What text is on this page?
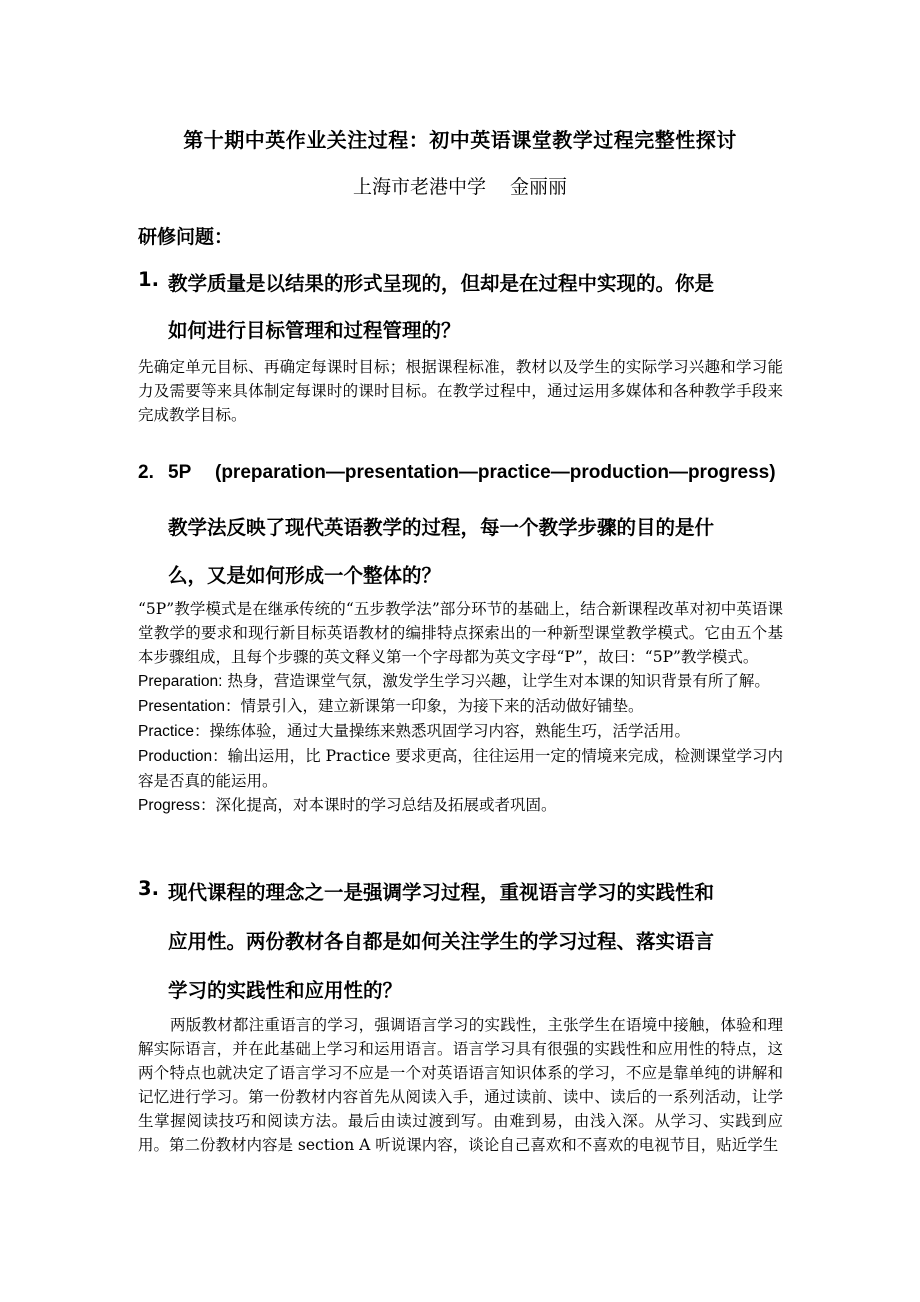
第十期中英作业关注过程：初中英语课堂教学过程完整性探讨
上海市老港中学 金丽丽
研修问题：
1. 教学质量是以结果的形式呈现的，但却是在过程中实现的。你是
如何进行目标管理和过程管理的？

先确定单元目标、再确定每课时目标；根据课程标准，教材以及学生的实际学习兴趣和学习能力及需要等来具体制定每课时的课时目标。在教学过程中，通过运用多媒体和各种教学手段来完成教学目标。

2. 5P (preparation—presentation—practice—production—progress)
教学法反映了现代英语教学的过程，每一个教学步骤的目的是什
么，又是如何形成一个整体的？

“5P”教学模式是在继承传统的“五步教学法”部分环节的基础上，结合新课程改革对初中英语课堂教学的要求和现行新目标英语教材的编排特点探索出的一种新型课堂教学模式。它由五个基本步骤组成，且每个步骤的英文释义第一个字母都为英文字母“P”，故曰：“5P”教学模式。

Preparation: 热身，营造课堂气氛，激发学生学习兴趣，让学生对本课的知识背景有所了解。

Presentation：情景引入，建立新课第一印象，为接下来的活动做好铺垫。

Practice：操练体验，通过大量操练来熟悉巩固学习内容，熟能生巧，活学活用。

Production：输出运用，比 Practice 要求更高，往往运用一定的情境来完成，检测课堂学习内容是否真的能运用。

Progress：深化提高，对本课时的学习总结及拓展或者巩固。

3. 现代课程的理念之一是强调学习过程，重视语言学习的实践性和
应用性。两份教材各自都是如何关注学生的学习过程、落实语言
学习的实践性和应用性的？

两版教材都注重语言的学习，强调语言学习的实践性，主张学生在语境中接触，体验和理解实际语言，并在此基础上学习和运用语言。语言学习具有很强的实践性和应用性的特点，这两个特点也就决定了语言学习不应是一个对英语语言知识体系的学习，不应是靠单纯的讲解和记忆进行学习。第一份教材内容首先从阅读入手，通过读前、读中、读后的一系列活动，让学生掌握阅读技巧和阅读方法。最后由读过渡到写。由难到易，由浅入深。从学习、实践到应用。第二份教材内容是 section A 听说课内容，谈论自己喜欢和不喜欢的电视节目，贴近学生
